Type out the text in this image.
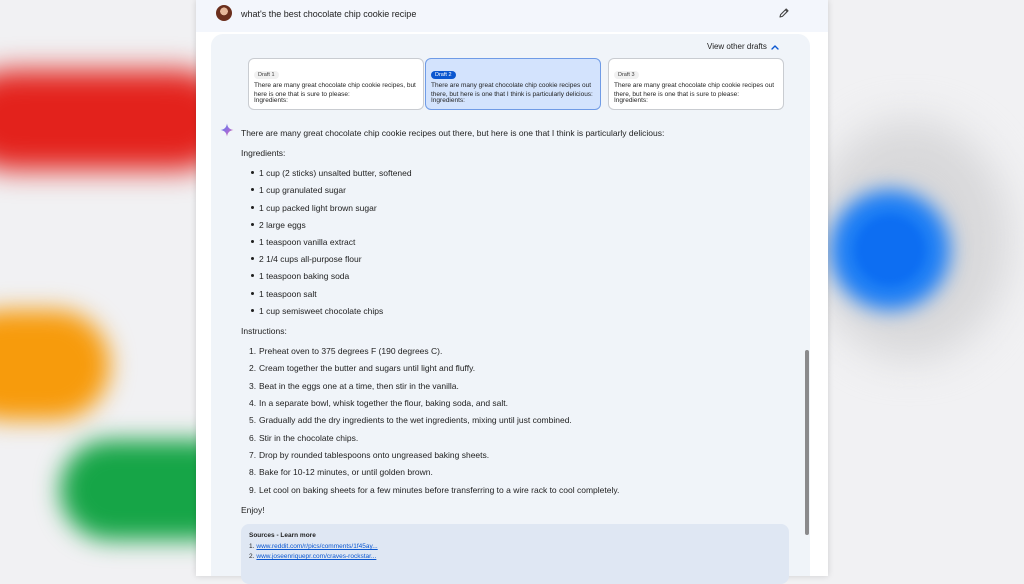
what's the best chocolate chip cookie recipe
View other drafts
Draft 1
There are many great chocolate chip cookie recipes, but here is one that is sure to please:
Ingredients:
Draft 2
There are many great chocolate chip cookie recipes out there, but here is one that I think is particularly delicious:
Ingredients:
Draft 3
There are many great chocolate chip cookie recipes out there, but here is one that is sure to please:
Ingredients:
There are many great chocolate chip cookie recipes out there, but here is one that I think is particularly delicious:
Ingredients:
1 cup (2 sticks) unsalted butter, softened
1 cup granulated sugar
1 cup packed light brown sugar
2 large eggs
1 teaspoon vanilla extract
2 1/4 cups all-purpose flour
1 teaspoon baking soda
1 teaspoon salt
1 cup semisweet chocolate chips
Instructions:
1. Preheat oven to 375 degrees F (190 degrees C).
2. Cream together the butter and sugars until light and fluffy.
3. Beat in the eggs one at a time, then stir in the vanilla.
4. In a separate bowl, whisk together the flour, baking soda, and salt.
5. Gradually add the dry ingredients to the wet ingredients, mixing until just combined.
6. Stir in the chocolate chips.
7. Drop by rounded tablespoons onto ungreased baking sheets.
8. Bake for 10-12 minutes, or until golden brown.
9. Let cool on baking sheets for a few minutes before transferring to a wire rack to cool completely.
Enjoy!
Sources - Learn more
1. www.reddit.com/r/pics/comments/1f45ay...
2. www.joseenriquepr.com/craves-rockstar...
